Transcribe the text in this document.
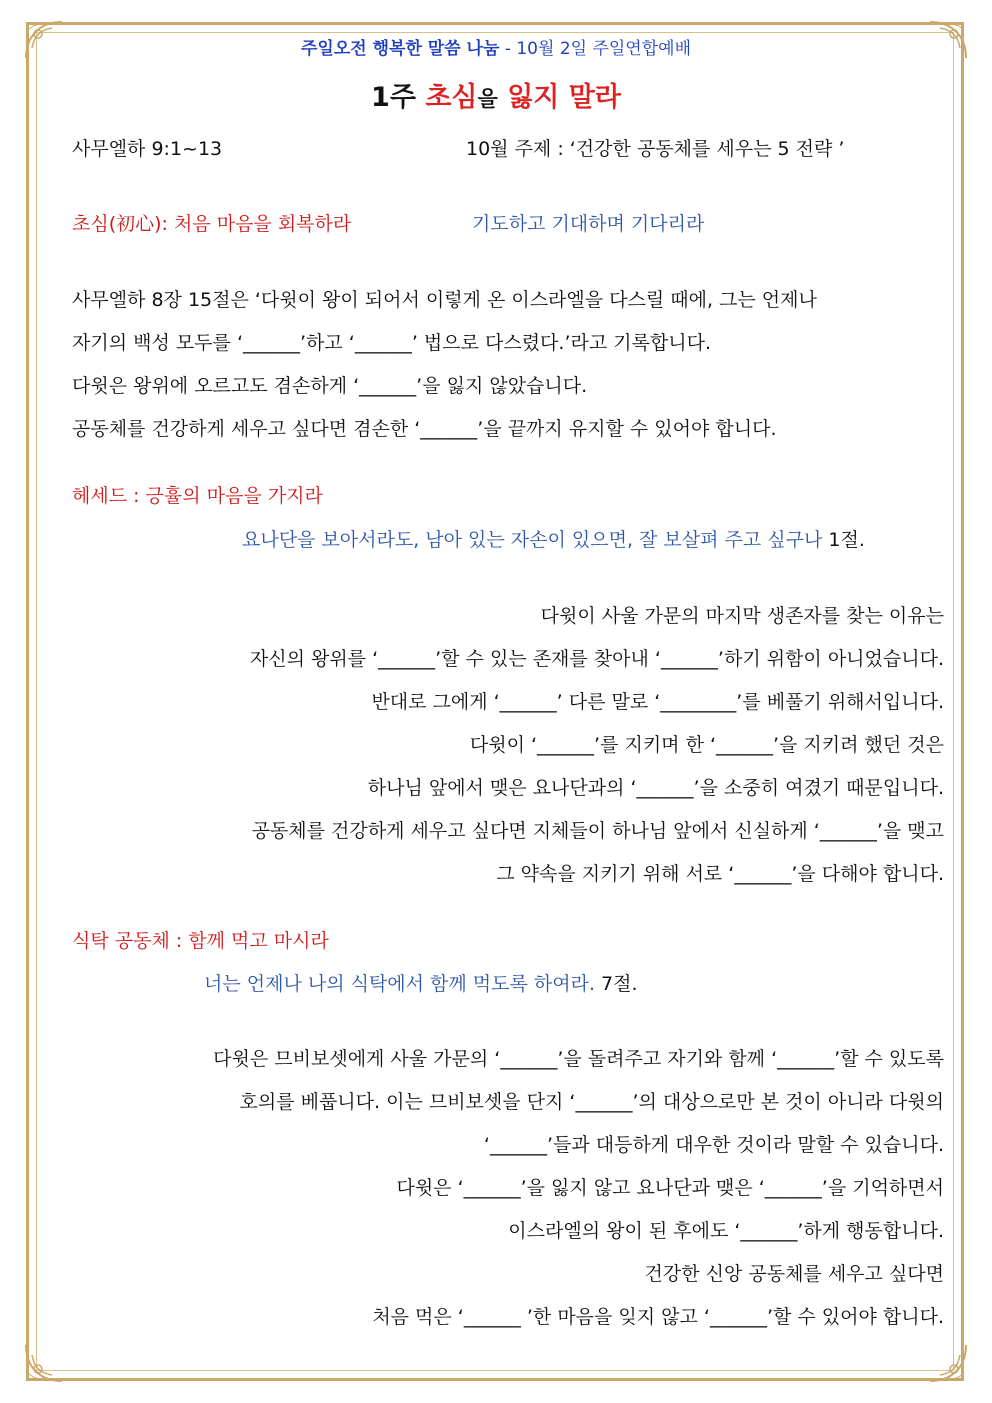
주일오전 행복한 말씀 나눔 - 10월 2일 주일연합예배
1주 초심을 잃지 말라
사무엘하 9:1~13	10월 주제 : ‘건강한 공동체를 세우는 5 전략 ’
초심(初心): 처음 마음을 회복하라	기도하고 기대하며 기다리라
사무엘하 8장 15절은 ‘다윗이 왕이 되어서 이렇게 온 이스라엘을 다스릴 때에, 그는 언제나
자기의 백성 모두를 ‘______’하고 ‘______’ 법으로 다스렸다.’라고 기록합니다.
다윗은 왕위에 오르고도 겸손하게 ‘______’을 잃지 않았습니다.
공동체를 건강하게 세우고 싶다면 겸손한 ‘______’을 끝까지 유지할 수 있어야 합니다.
헤세드 : 긍휼의 마음을 가지라
요나단을 보아서라도, 남아 있는 자손이 있으면, 잘 보살펴 주고 싶구나 1절.
다윗이 사울 가문의 마지막 생존자를 찾는 이유는
자신의 왕위를 ‘______’할 수 있는 존재를 찾아내 ‘______’하기 위함이 아니었습니다.
반대로 그에게 ‘______’ 다른 말로 ‘________’를 베풀기 위해서입니다.
다윗이 ‘______’를 지키며 한 ‘______’을 지키려 했던 것은
하나님 앞에서 맺은 요나단과의 ‘______’을 소중히 여겼기 때문입니다.
공동체를 건강하게 세우고 싶다면 지체들이 하나님 앞에서 신실하게 ‘______’을 맺고
그 약속을 지키기 위해 서로 ‘______’을 다해야 합니다.
식탁 공동체 : 함께 먹고 마시라
너는 언제나 나의 식탁에서 함께 먹도록 하여라. 7절.
다윗은 므비보셋에게 사울 가문의 ‘______’을 돌려주고 자기와 함께 ‘______’할 수 있도록
호의를 베풉니다. 이는 므비보셋을 단지 ‘______’의 대상으로만 본 것이 아니라 다윗의
‘______’들과 대등하게 대우한 것이라 말할 수 있습니다.
다윗은 ‘______’을 잃지 않고 요나단과 맺은 ‘______’을 기억하면서
이스라엘의 왕이 된 후에도 ‘______’하게 행동합니다.
건강한 신앙 공동체를 세우고 싶다면
처음 먹은 ‘______ ’한 마음을 잊지 않고 ‘______’할 수 있어야 합니다.
